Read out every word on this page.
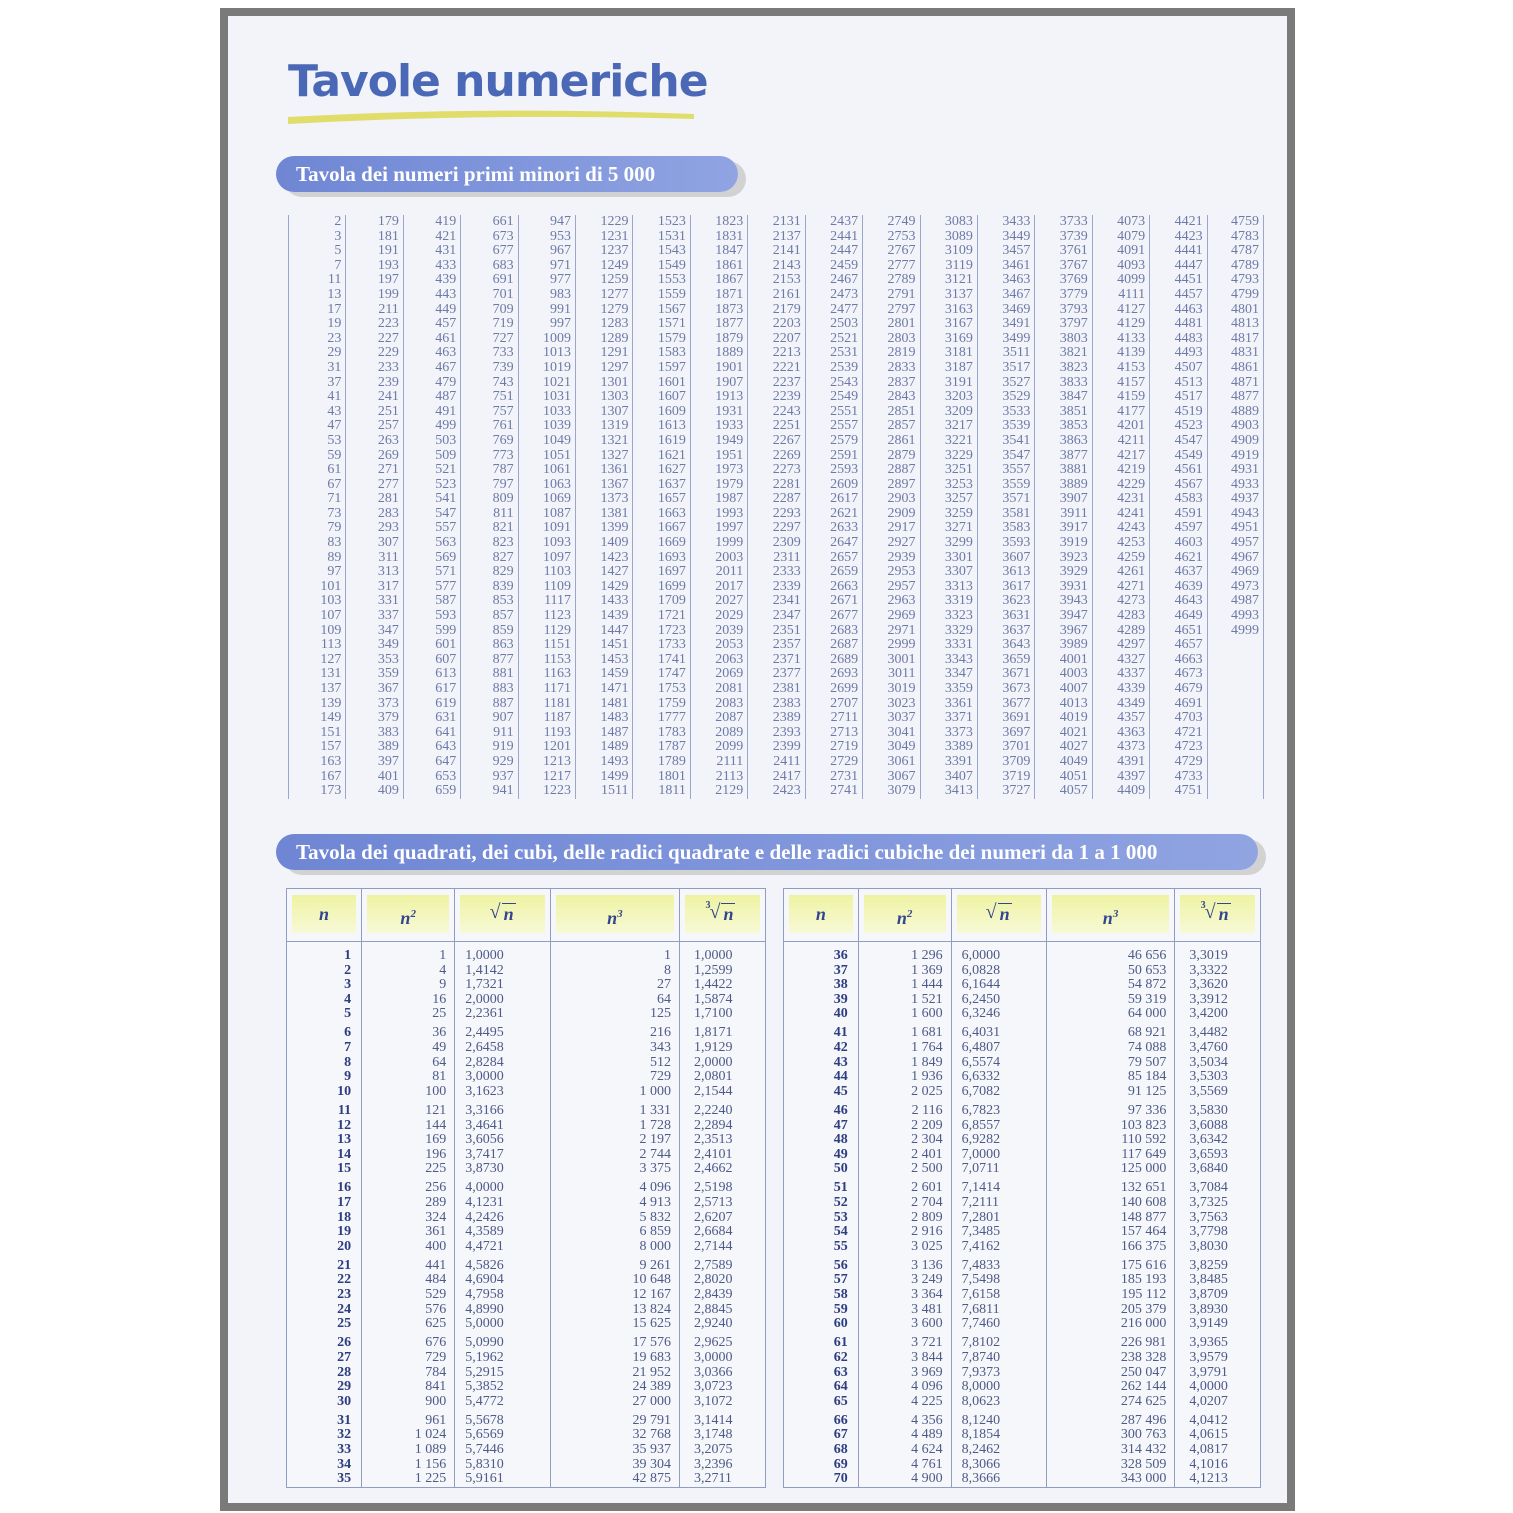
Tavole numeriche
Tavola dei numeri primi minori di 5 000
2
3
5
7
11
13
17
19
23
29
31
37
41
43
47
53
59
61
67
71
73
79
83
89
97
101
103
107
109
113
127
131
137
139
149
151
157
163
167
173
179
181
191
193
197
199
211
223
227
229
233
239
241
251
257
263
269
271
277
281
283
293
307
311
313
317
331
337
347
349
353
359
367
373
379
383
389
397
401
409
419
421
431
433
439
443
449
457
461
463
467
479
487
491
499
503
509
521
523
541
547
557
563
569
571
577
587
593
599
601
607
613
617
619
631
641
643
647
653
659
661
673
677
683
691
701
709
719
727
733
739
743
751
757
761
769
773
787
797
809
811
821
823
827
829
839
853
857
859
863
877
881
883
887
907
911
919
929
937
941
947
953
967
971
977
983
991
997
1009
1013
1019
1021
1031
1033
1039
1049
1051
1061
1063
1069
1087
1091
1093
1097
1103
1109
1117
1123
1129
1151
1153
1163
1171
1181
1187
1193
1201
1213
1217
1223
1229
1231
1237
1249
1259
1277
1279
1283
1289
1291
1297
1301
1303
1307
1319
1321
1327
1361
1367
1373
1381
1399
1409
1423
1427
1429
1433
1439
1447
1451
1453
1459
1471
1481
1483
1487
1489
1493
1499
1511
1523
1531
1543
1549
1553
1559
1567
1571
1579
1583
1597
1601
1607
1609
1613
1619
1621
1627
1637
1657
1663
1667
1669
1693
1697
1699
1709
1721
1723
1733
1741
1747
1753
1759
1777
1783
1787
1789
1801
1811
1823
1831
1847
1861
1867
1871
1873
1877
1879
1889
1901
1907
1913
1931
1933
1949
1951
1973
1979
1987
1993
1997
1999
2003
2011
2017
2027
2029
2039
2053
2063
2069
2081
2083
2087
2089
2099
2111
2113
2129
2131
2137
2141
2143
2153
2161
2179
2203
2207
2213
2221
2237
2239
2243
2251
2267
2269
2273
2281
2287
2293
2297
2309
2311
2333
2339
2341
2347
2351
2357
2371
2377
2381
2383
2389
2393
2399
2411
2417
2423
2437
2441
2447
2459
2467
2473
2477
2503
2521
2531
2539
2543
2549
2551
2557
2579
2591
2593
2609
2617
2621
2633
2647
2657
2659
2663
2671
2677
2683
2687
2689
2693
2699
2707
2711
2713
2719
2729
2731
2741
2749
2753
2767
2777
2789
2791
2797
2801
2803
2819
2833
2837
2843
2851
2857
2861
2879
2887
2897
2903
2909
2917
2927
2939
2953
2957
2963
2969
2971
2999
3001
3011
3019
3023
3037
3041
3049
3061
3067
3079
3083
3089
3109
3119
3121
3137
3163
3167
3169
3181
3187
3191
3203
3209
3217
3221
3229
3251
3253
3257
3259
3271
3299
3301
3307
3313
3319
3323
3329
3331
3343
3347
3359
3361
3371
3373
3389
3391
3407
3413
3433
3449
3457
3461
3463
3467
3469
3491
3499
3511
3517
3527
3529
3533
3539
3541
3547
3557
3559
3571
3581
3583
3593
3607
3613
3617
3623
3631
3637
3643
3659
3671
3673
3677
3691
3697
3701
3709
3719
3727
3733
3739
3761
3767
3769
3779
3793
3797
3803
3821
3823
3833
3847
3851
3853
3863
3877
3881
3889
3907
3911
3917
3919
3923
3929
3931
3943
3947
3967
3989
4001
4003
4007
4013
4019
4021
4027
4049
4051
4057
4073
4079
4091
4093
4099
4111
4127
4129
4133
4139
4153
4157
4159
4177
4201
4211
4217
4219
4229
4231
4241
4243
4253
4259
4261
4271
4273
4283
4289
4297
4327
4337
4339
4349
4357
4363
4373
4391
4397
4409
4421
4423
4441
4447
4451
4457
4463
4481
4483
4493
4507
4513
4517
4519
4523
4547
4549
4561
4567
4583
4591
4597
4603
4621
4637
4639
4643
4649
4651
4657
4663
4673
4679
4691
4703
4721
4723
4729
4733
4751
4759
4783
4787
4789
4793
4799
4801
4813
4817
4831
4861
4871
4877
4889
4903
4909
4919
4931
4933
4937
4943
4951
4957
4967
4969
4973
4987
4993
4999
Tavola dei quadrati, dei cubi, delle radici quadrate e delle radici cubiche dei numeri da 1 a 1 000
n
1
2
3
4
5
6
7
8
9
10
11
12
13
14
15
16
17
18
19
20
21
22
23
24
25
26
27
28
29
30
31
32
33
34
35
$n^2$
1
4
9
16
25
36
49
64
81
100
121
144
169
196
225
256
289
324
361
400
441
484
529
576
625
676
729
784
841
900
961
1 024
1 089
1 156
1 225
√ n
1,0000
1,4142
1,7321
2,0000
2,2361
2,4495
2,6458
2,8284
3,0000
3,1623
3,3166
3,4641
3,6056
3,7417
3,8730
4,0000
4,1231
4,2426
4,3589
4,4721
4,5826
4,6904
4,7958
4,8990
5,0000
5,0990
5,1962
5,2915
5,3852
5,4772
5,5678
5,6569
5,7446
5,8310
5,9161
$n^3$
1
8
27
64
125
216
343
512
729
1 000
1 331
1 728
2 197
2 744
3 375
4 096
4 913
5 832
6 859
8 000
9 261
10 648
12 167
13 824
15 625
17 576
19 683
21 952
24 389
27 000
29 791
32 768
35 937
39 304
42 875
3 √ n
1,0000
1,2599
1,4422
1,5874
1,7100
1,8171
1,9129
2,0000
2,0801
2,1544
2,2240
2,2894
2,3513
2,4101
2,4662
2,5198
2,5713
2,6207
2,6684
2,7144
2,7589
2,8020
2,8439
2,8845
2,9240
2,9625
3,0000
3,0366
3,0723
3,1072
3,1414
3,1748
3,2075
3,2396
3,2711
n
36
37
38
39
40
41
42
43
44
45
46
47
48
49
50
51
52
53
54
55
56
57
58
59
60
61
62
63
64
65
66
67
68
69
70
$n^2$
1 296
1 369
1 444
1 521
1 600
1 681
1 764
1 849
1 936
2 025
2 116
2 209
2 304
2 401
2 500
2 601
2 704
2 809
2 916
3 025
3 136
3 249
3 364
3 481
3 600
3 721
3 844
3 969
4 096
4 225
4 356
4 489
4 624
4 761
4 900
√ n
6,0000
6,0828
6,1644
6,2450
6,3246
6,4031
6,4807
6,5574
6,6332
6,7082
6,7823
6,8557
6,9282
7,0000
7,0711
7,1414
7,2111
7,2801
7,3485
7,4162
7,4833
7,5498
7,6158
7,6811
7,7460
7,8102
7,8740
7,9373
8,0000
8,0623
8,1240
8,1854
8,2462
8,3066
8,3666
$n^3$
46 656
50 653
54 872
59 319
64 000
68 921
74 088
79 507
85 184
91 125
97 336
103 823
110 592
117 649
125 000
132 651
140 608
148 877
157 464
166 375
175 616
185 193
195 112
205 379
216 000
226 981
238 328
250 047
262 144
274 625
287 496
300 763
314 432
328 509
343 000
3 √ n
3,3019
3,3322
3,3620
3,3912
3,4200
3,4482
3,4760
3,5034
3,5303
3,5569
3,5830
3,6088
3,6342
3,6593
3,6840
3,7084
3,7325
3,7563
3,7798
3,8030
3,8259
3,8485
3,8709
3,8930
3,9149
3,9365
3,9579
3,9791
4,0000
4,0207
4,0412
4,0615
4,0817
4,1016
4,1213
